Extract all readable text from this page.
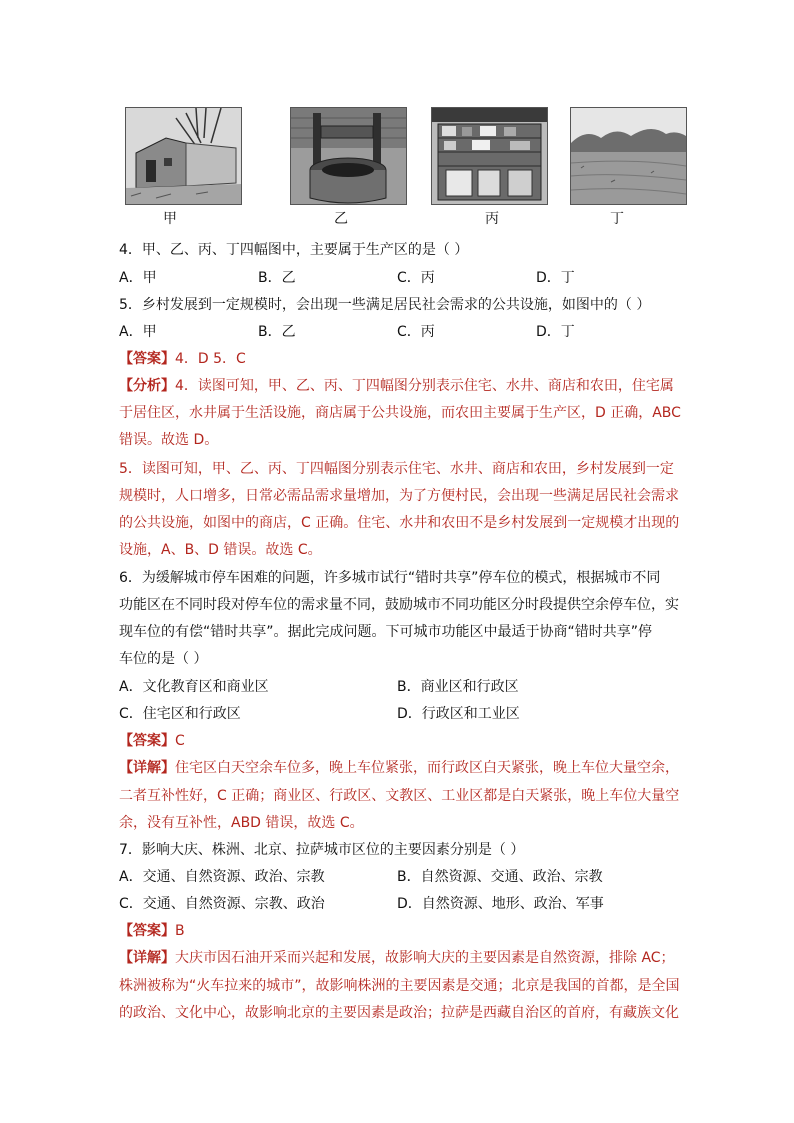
甲	乙	丙	丁
4．甲、乙、丙、丁四幅图中，主要属于生产区的是（ ）
A．甲	B．乙	C．丙	D．丁
5．乡村发展到一定规模时，会出现一些满足居民社会需求的公共设施，如图中的（ ）
A．甲	B．乙	C．丙	D．丁
【答案】4．D 5．C
【分析】4．读图可知，甲、乙、丙、丁四幅图分别表示住宅、水井、商店和农田，住宅属
于居住区，水井属于生活设施，商店属于公共设施，而农田主要属于生产区，D 正确，ABC
错误。故选 D。
5．读图可知，甲、乙、丙、丁四幅图分别表示住宅、水井、商店和农田，乡村发展到一定
规模时，人口增多，日常必需品需求量增加，为了方便村民，会出现一些满足居民社会需求
的公共设施，如图中的商店，C 正确。住宅、水井和农田不是乡村发展到一定规模才出现的
设施，A、B、D 错误。故选 C。
6．为缓解城市停车困难的问题，许多城市试行“错时共享”停车位的模式，根据城市不同
功能区在不同时段对停车位的需求量不同，鼓励城市不同功能区分时段提供空余停车位，实
现车位的有偿“错时共享”。据此完成问题。下可城市功能区中最适于协商“错时共享”停
车位的是（ ）
A．文化教育区和商业区	B．商业区和行政区
C．住宅区和行政区	D．行政区和工业区
【答案】C
【详解】住宅区白天空余车位多，晚上车位紧张，而行政区白天紧张，晚上车位大量空余，
二者互补性好，C 正确；商业区、行政区、文教区、工业区都是白天紧张，晚上车位大量空
余，没有互补性，ABD 错误，故选 C。
7．影响大庆、株洲、北京、拉萨城市区位的主要因素分别是（ ）
A．交通、自然资源、政治、宗教	B．自然资源、交通、政治、宗教
C．交通、自然资源、宗教、政治	D．自然资源、地形、政治、军事
【答案】B
【详解】大庆市因石油开采而兴起和发展，故影响大庆的主要因素是自然资源，排除 AC；
株洲被称为“火车拉来的城市”，故影响株洲的主要因素是交通；北京是我国的首都，是全国
的政治、文化中心，故影响北京的主要因素是政治；拉萨是西藏自治区的首府，有藏族文化
